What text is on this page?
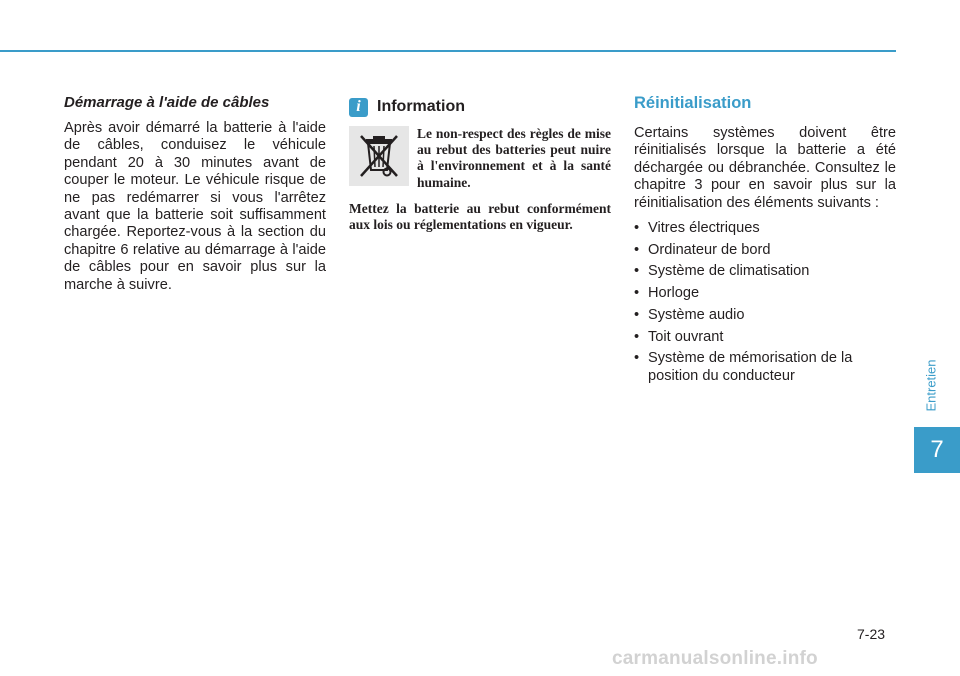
Démarrage à l'aide de câbles

Après avoir démarré la batterie à l'aide de câbles, conduisez le véhicule pendant 20 à 30 minutes avant de couper le moteur. Le véhicule risque de ne pas redémarrer si vous l'arrêtez avant que la batterie soit suffisamment chargée. Reportez-vous à la section du chapitre 6 relative au démarrage à l'aide de câbles pour en savoir plus sur la marche à suivre.

i	Information

Le non-respect des règles de mise au rebut des batteries peut nuire à l'environnement et à la santé humaine.

Mettez la batterie au rebut conformément aux lois ou réglementations en vigueur.

Réinitialisation

Certains systèmes doivent être réinitialisés lorsque la batterie a été déchargée ou débranchée. Consultez le chapitre 3 pour en savoir plus sur la réinitialisation des éléments suivants :

• Vitres électriques
• Ordinateur de bord
• Système de climatisation
• Horloge
• Système audio
• Toit ouvrant
• Système de mémorisation de la position du conducteur	Entretien
7
7-23
carmanualsonline.info
